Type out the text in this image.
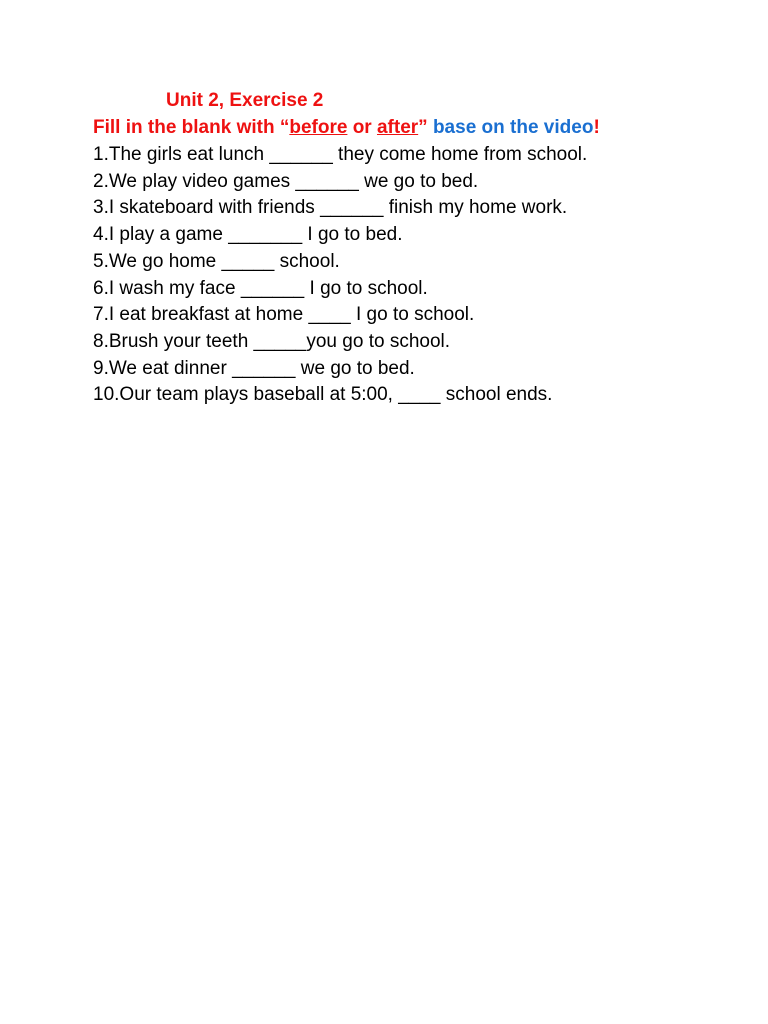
Unit 2, Exercise 2
Fill in the blank with “before or after” base on the video!
1.The girls eat lunch ______ they come home from school.
2.We play video games ______ we go to bed.
3.I skateboard with friends ______ finish my home work.
4.I play a game _______ I go to bed.
5.We go home _____ school.
6.I wash my face ______ I go to school.
7.I eat breakfast at home ____ I go to school.
8.Brush your teeth _____you go to school.
9.We eat dinner ______ we go to bed.
10.Our team plays baseball at 5:00, ____ school ends.
